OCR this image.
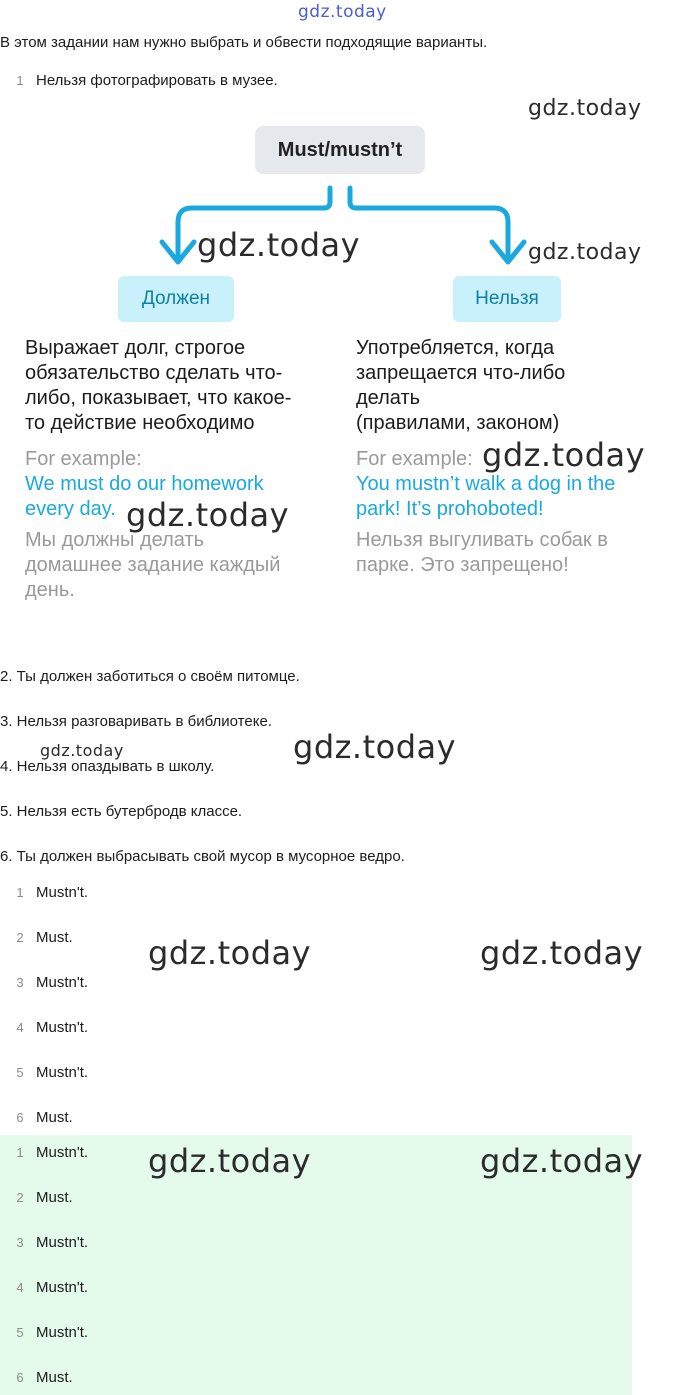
gdz.today
В этом задании нам нужно выбрать и обвести подходящие варианты.
1 Нельзя фотографировать в музее.
gdz.today
Must/mustn’t
gdz.today	gdz.today
Должен	Нельзя
Выражает долг, строгое
обязательство сделать что-
либо, показывает, что какое-
то действие необходимо
For example:
We must do our homework
every day.
Мы должны делать
домашнее задание каждый
день.
Употребляется, когда
запрещается что-либо
делать
(правилами, законом)
For example:
You mustn’t walk a dog in the
park! It’s prohoboted!
Нельзя выгуливать собак в
парке. Это запрещено!
gdz.today
gdz.today
2. Ты должен заботиться о своём питомце.
3. Нельзя разговаривать в библиотеке.
gdz.today	gdz.today
4. Нельзя опаздывать в школу.
5. Нельзя есть бутербродв классе.
6. Ты должен выбрасывать свой мусор в мусорное ведро.
1 Mustn't.
2 Must.
3 Mustn't.
4 Mustn't.
5 Mustn't.
6 Must.
gdz.today	gdz.today
1 Mustn't.
2 Must.
3 Mustn't.
4 Mustn't.
5 Mustn't.
6 Must.
gdz.today	gdz.today
